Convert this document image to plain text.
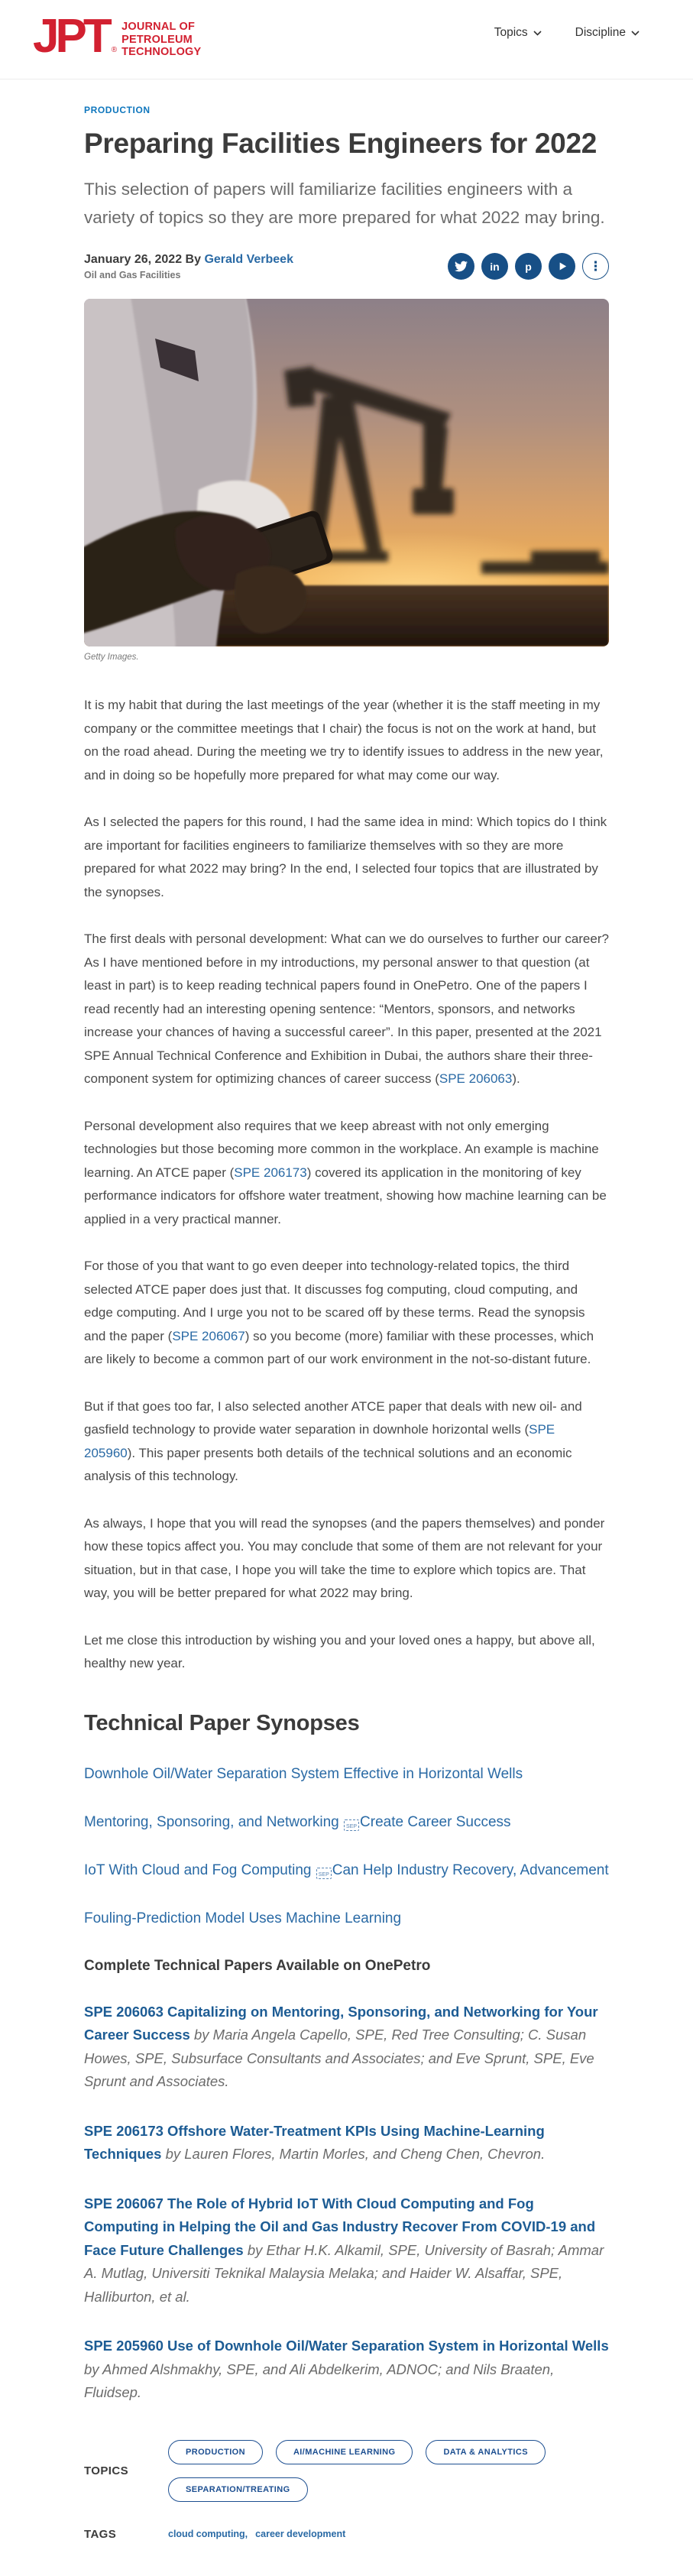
JPT ®
JOURNAL OF
PETROLEUM
TECHNOLOGY
Topics	Discipline
PRODUCTION
Preparing Facilities Engineers for 2022

This selection of papers will familiarize facilities engineers with a variety of topics so they are more prepared for what 2022 may bring.

January 26, 2022 By Gerald Verbeek
Oil and Gas Facilities
in p	⋮
Getty Images.

It is my habit that during the last meetings of the year (whether it is the staff meeting in my company or the committee meetings that I chair) the focus is not on the work at hand, but on the road ahead. During the meeting we try to identify issues to address in the new year, and in doing so be hopefully more prepared for what may come our way.

As I selected the papers for this round, I had the same idea in mind: Which topics do I think are important for facilities engineers to familiarize themselves with so they are more prepared for what 2022 may bring? In the end, I selected four topics that are illustrated by the synopses.

The first deals with personal development: What can we do ourselves to further our career? As I have mentioned before in my introductions, my personal answer to that question (at least in part) is to keep reading technical papers found in OnePetro. One of the papers I read recently had an interesting opening sentence: “Mentors, sponsors, and networks increase your chances of having a successful career”. In this paper, presented at the 2021 SPE Annual Technical Conference and Exhibition in Dubai, the authors share their three-component system for optimizing chances of career success (SPE 206063).

Personal development also requires that we keep abreast with not only emerging technologies but those becoming more common in the workplace. An example is machine learning. An ATCE paper (SPE 206173) covered its application in the monitoring of key performance indicators for offshore water treatment, showing how machine learning can be applied in a very practical manner.

For those of you that want to go even deeper into technology-related topics, the third selected ATCE paper does just that. It discusses fog computing, cloud computing, and edge computing. And I urge you not to be scared off by these terms. Read the synopsis and the paper (SPE 206067) so you become (more) familiar with these processes, which are likely to become a common part of our work environment in the not-so-distant future.

But if that goes too far, I also selected another ATCE paper that deals with new oil- and gasfield technology to provide water separation in downhole horizontal wells (SPE 205960). This paper presents both details of the technical solutions and an economic analysis of this technology.

As always, I hope that you will read the synopses (and the papers themselves) and ponder how these topics affect you. You may conclude that some of them are not relevant for your situation, but in that case, I hope you will take the time to explore which topics are. That way, you will be better prepared for what 2022 may bring.

Let me close this introduction by wishing you and your loved ones a happy, but above all, healthy new year.

Technical Paper Synopses
Downhole Oil/Water Separation System Effective in Horizontal Wells
Mentoring, Sponsoring, and Networking SEP Create Career Success
IoT With Cloud and Fog Computing SEP Can Help Industry Recovery, Advancement
Fouling-Prediction Model Uses Machine Learning
Complete Technical Papers Available on OnePetro

SPE 206063 Capitalizing on Mentoring, Sponsoring, and Networking for Your Career Success by Maria Angela Capello, SPE, Red Tree Consulting; C. Susan Howes, SPE, Subsurface Consultants and Associates; and Eve Sprunt, SPE, Eve Sprunt and Associates.

SPE 206173 Offshore Water-Treatment KPIs Using Machine-Learning Techniques by Lauren Flores, Martin Morles, and Cheng Chen, Chevron.

SPE 206067 The Role of Hybrid IoT With Cloud Computing and Fog Computing in Helping the Oil and Gas Industry Recover From COVID-19 and Face Future Challenges by Ethar H.K. Alkamil, SPE, University of Basrah; Ammar A. Mutlag, Universiti Teknikal Malaysia Melaka; and Haider W. Alsaffar, SPE, Halliburton, et al.

SPE 205960 Use of Downhole Oil/Water Separation System in Horizontal Wells by Ahmed Alshmakhy, SPE, and Ali Abdelkerim, ADNOC; and Nils Braaten, Fluidsep.

TOPICS
PRODUCTION	AI/MACHINE LEARNING	DATA & ANALYTICS
SEPARATION/TREATING
TAGS	cloud computing, career development
